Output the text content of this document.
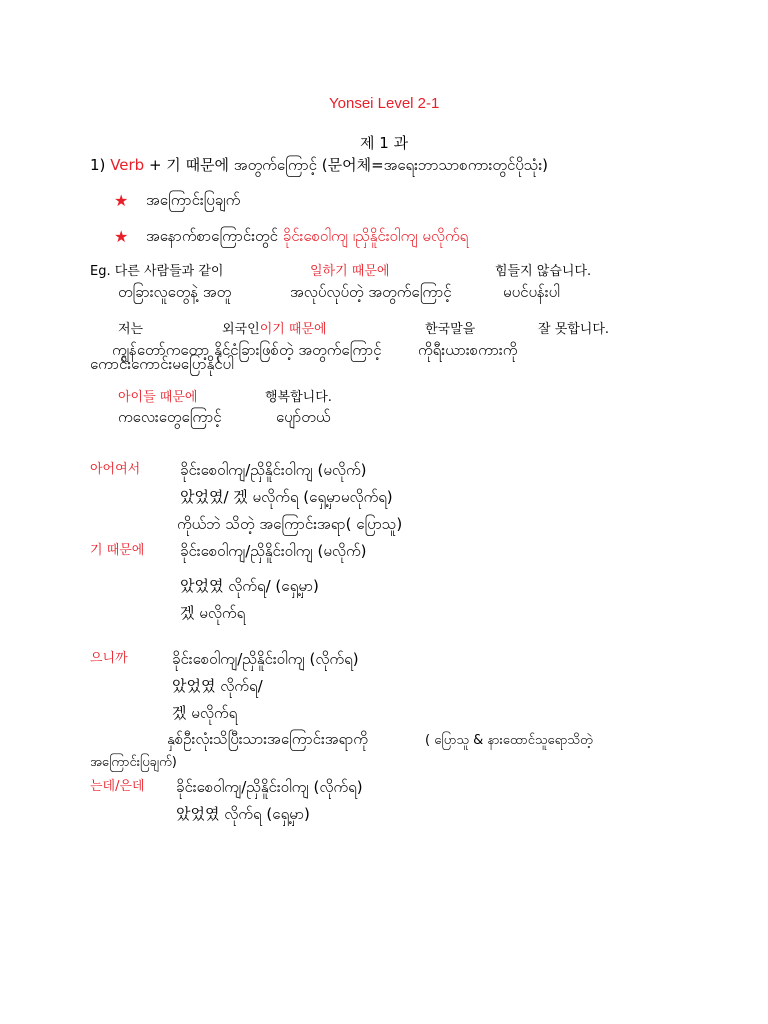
Yonsei Level 2-1
제 1 과
1) Verb + 기 때문에 အတွက်ကြောင့် (문어체=အရေးဘာသာစကားတွင်ပိုသုံး)
★ အကြောင်းပြချက်
★ အနောက်စာကြောင်းတွင် ခိုင်းစေဝါကျ ၊ညှိနိူင်းဝါကျ မလိုက်ရ
Eg. 다른 사람들과 같이	일하기 때문에	힘들지 않습니다.
တခြားလူတွေနဲ့ အတူ	အလုပ်လုပ်တဲ့ အတွက်ကြောင့်	မပင်ပန်းပါ
저는	외국인이기 때문에	한국말을	잘 못합니다.
ကျွန်တော်ကတော့ နိုင်ငံခြားဖြစ်တဲ့ အတွက်ကြောင့် ကိုရီးယားစကားကို
ကောင်းကောင်းမပြောနိုင်ပါ
아이들 때문에	행복합니다.
ကလေးတွေကြောင့်	ပျော်တယ်
아어여서	ခိုင်းစေဝါကျ/ညှိနိူင်းဝါကျ (မလိုက်)
았었였/ 겠 မလိုက်ရ (ရှေ့မှာမလိုက်ရ)
ကိုယ်ဘဲ သိတဲ့ အကြောင်းအရာ( ပြောသူ)
기 때문에 ခိုင်းစေဝါကျ/ညှိနိူင်းဝါကျ (မလိုက်)
았었였 လိုက်ရ/ (ရှေ့မှာ)
겠 မလိုက်ရ
으니까	ခိုင်းစေဝါကျ/ညှိနိူင်းဝါကျ (လိုက်ရ)
았었였 လိုက်ရ/
겠 မလိုက်ရ
နှစ်ဦးလုံးသိပြီးသားအကြောင်းအရာကို	( ပြောသူ & နားထောင်သူရောသိတဲ့
အကြောင်းပြချက်)
는데/은데 ခိုင်းစေဝါကျ/ညှိနိူင်းဝါကျ (လိုက်ရ)
았었였 လိုက်ရ (ရှေ့မှာ)
